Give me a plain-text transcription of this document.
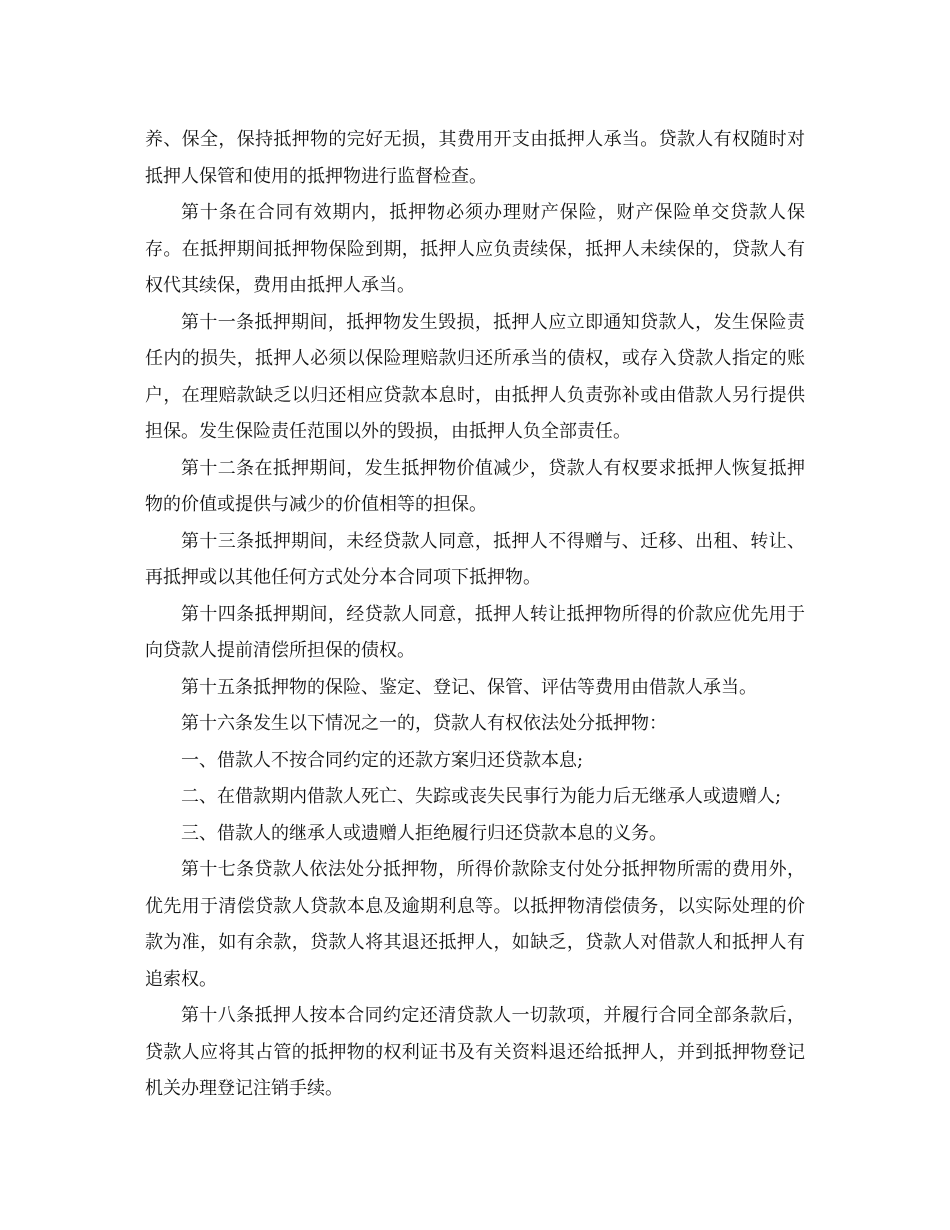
养、保全，保持抵押物的完好无损，其费用开支由抵押人承当。贷款人有权随时对抵押人保管和使用的抵押物进行监督检查。

第十条在合同有效期内，抵押物必须办理财产保险，财产保险单交贷款人保存。在抵押期间抵押物保险到期，抵押人应负责续保，抵押人未续保的，贷款人有权代其续保，费用由抵押人承当。

第十一条抵押期间，抵押物发生毁损，抵押人应立即通知贷款人，发生保险责任内的损失，抵押人必须以保险理赔款归还所承当的债权，或存入贷款人指定的账户，在理赔款缺乏以归还相应贷款本息时，由抵押人负责弥补或由借款人另行提供担保。发生保险责任范围以外的毁损，由抵押人负全部责任。

第十二条在抵押期间，发生抵押物价值减少，贷款人有权要求抵押人恢复抵押物的价值或提供与减少的价值相等的担保。

第十三条抵押期间，未经贷款人同意，抵押人不得赠与、迁移、出租、转让、再抵押或以其他任何方式处分本合同项下抵押物。

第十四条抵押期间，经贷款人同意，抵押人转让抵押物所得的价款应优先用于向贷款人提前清偿所担保的债权。

第十五条抵押物的保险、鉴定、登记、保管、评估等费用由借款人承当。

第十六条发生以下情况之一的，贷款人有权依法处分抵押物：

一、借款人不按合同约定的还款方案归还贷款本息;

二、在借款期内借款人死亡、失踪或丧失民事行为能力后无继承人或遗赠人;

三、借款人的继承人或遗赠人拒绝履行归还贷款本息的义务。

第十七条贷款人依法处分抵押物，所得价款除支付处分抵押物所需的费用外，优先用于清偿贷款人贷款本息及逾期利息等。以抵押物清偿债务，以实际处理的价款为准，如有余款，贷款人将其退还抵押人，如缺乏，贷款人对借款人和抵押人有追索权。

第十八条抵押人按本合同约定还清贷款人一切款项，并履行合同全部条款后，贷款人应将其占管的抵押物的权利证书及有关资料退还给抵押人，并到抵押物登记机关办理登记注销手续。
